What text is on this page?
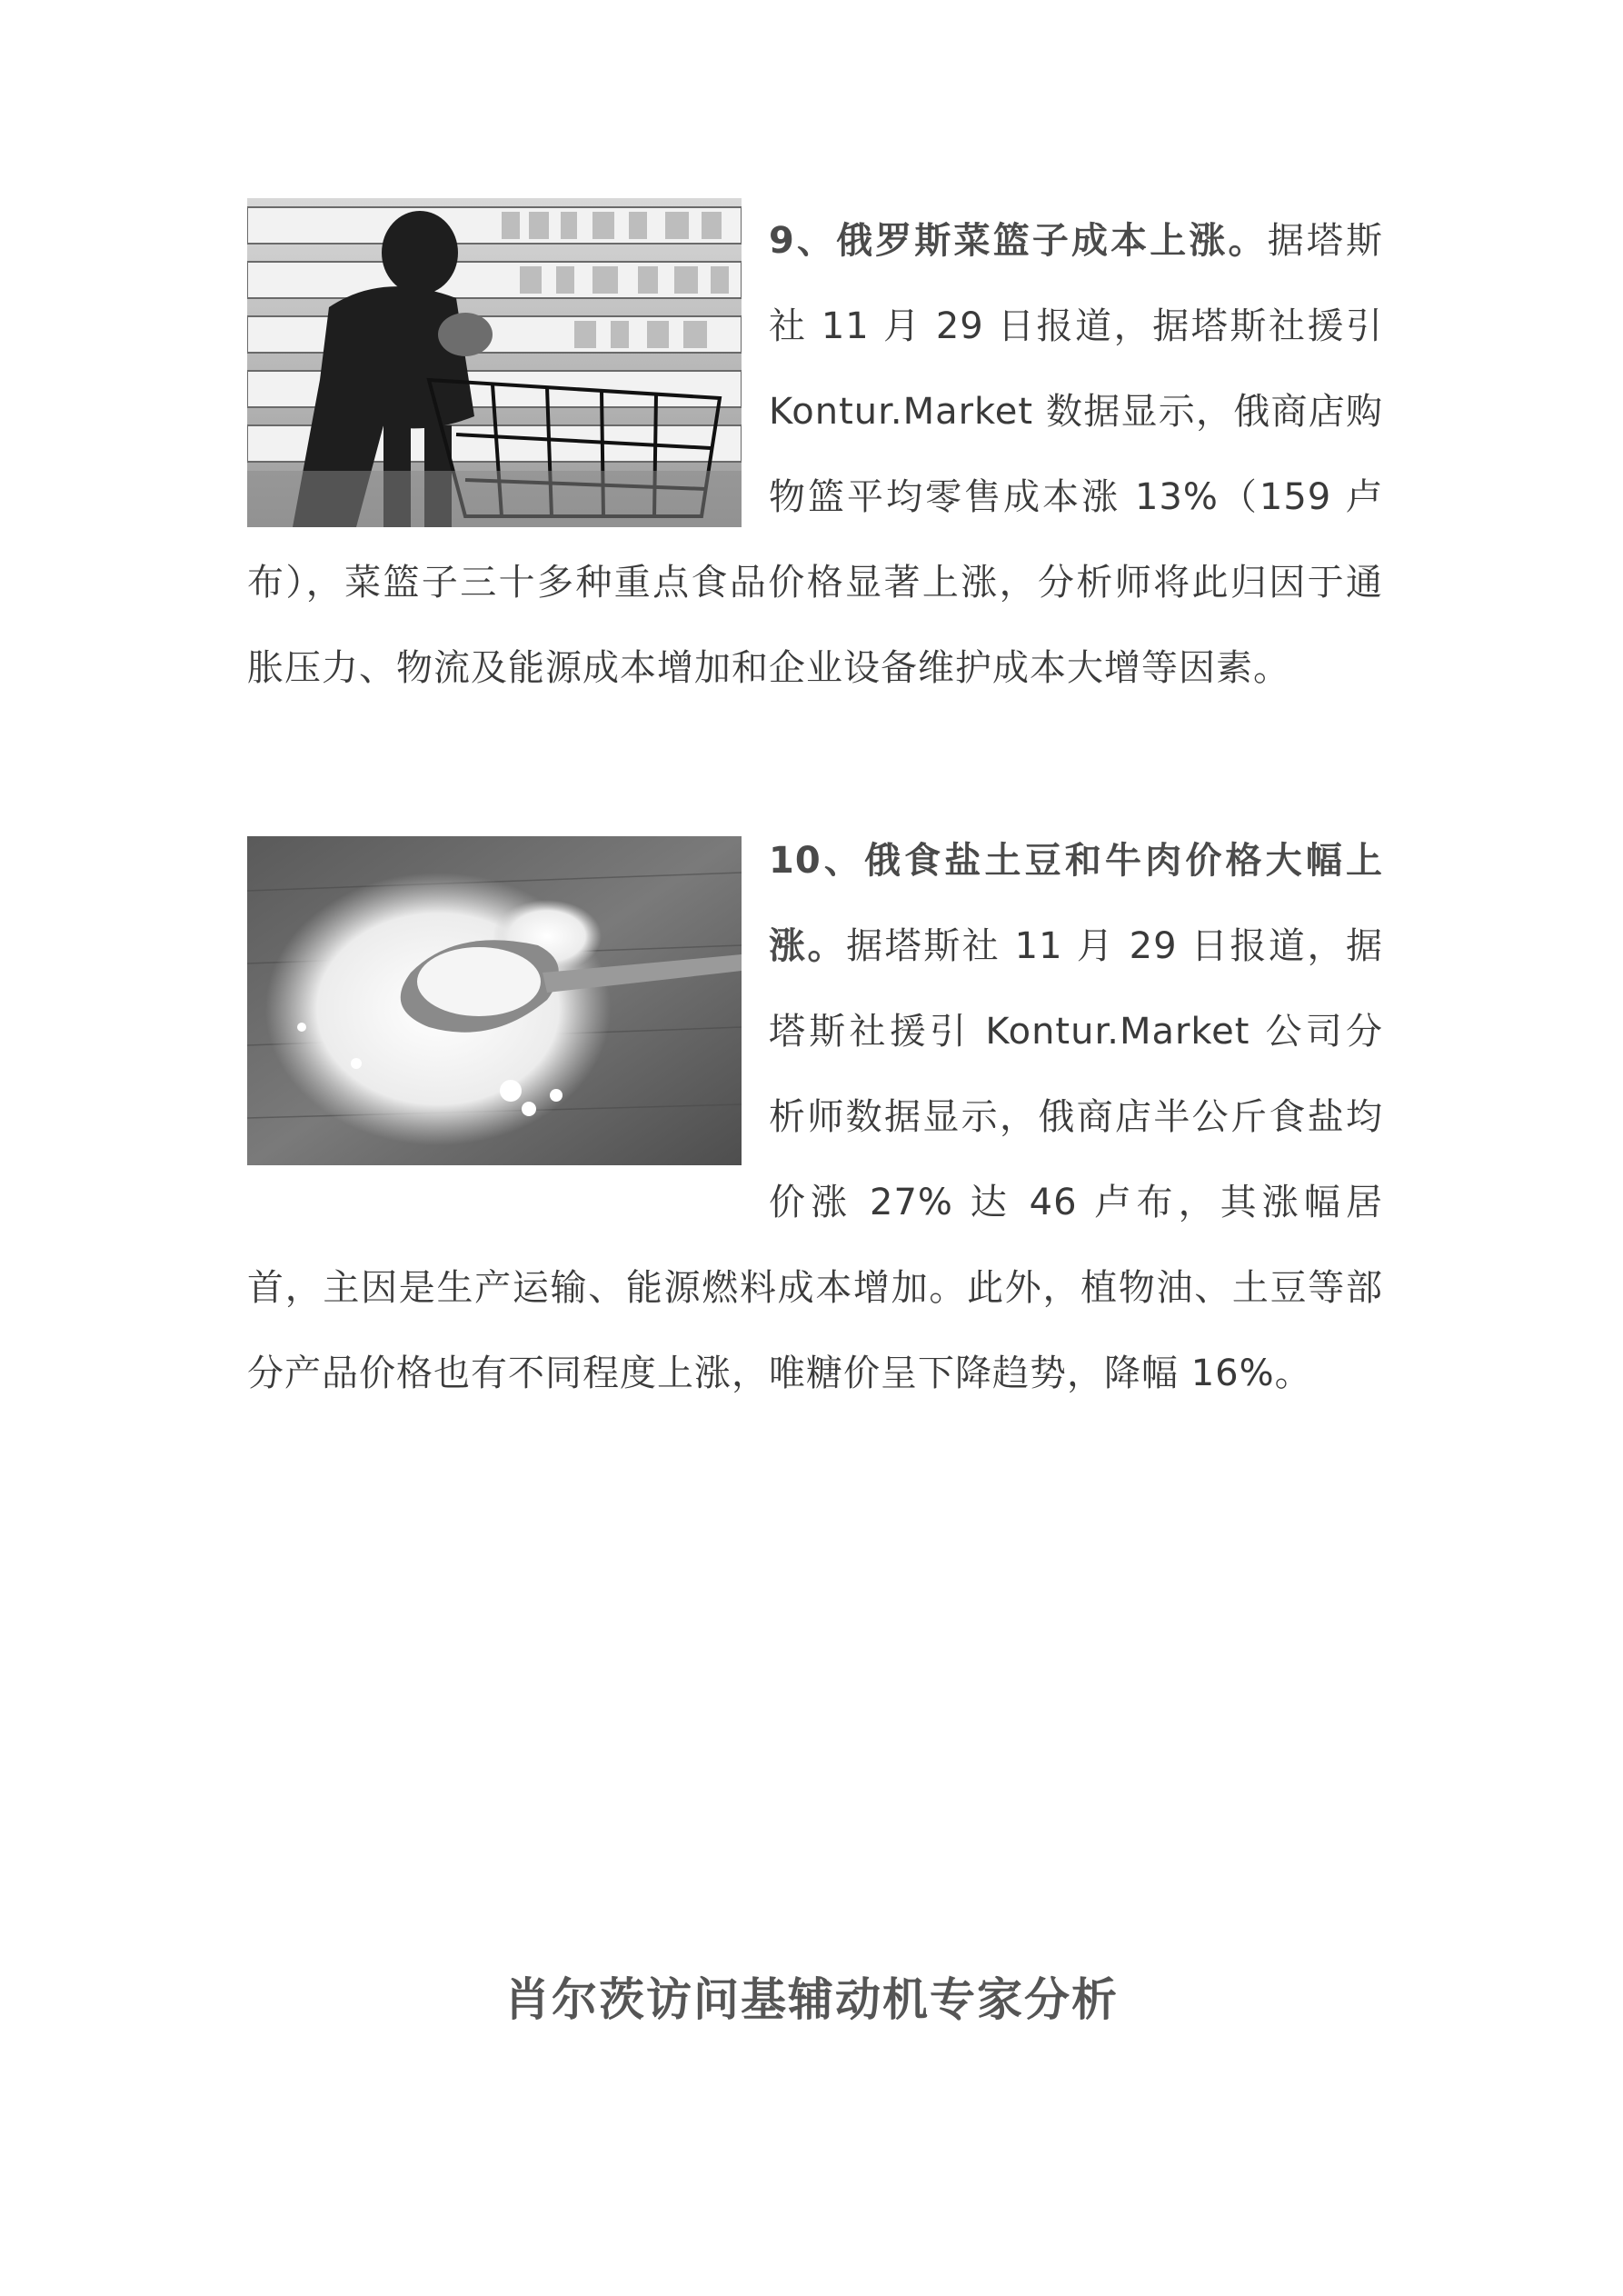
9、俄罗斯菜篮子成本上涨。据塔斯社 11 月 29 日报道，据塔斯社援引 Kontur.Market 数据显示，俄商店购物篮平均零售成本涨 13%（159 卢布），菜篮子三十多种重点食品价格显著上涨，分析师将此归因于通胀压力、物流及能源成本增加和企业设备维护成本大增等因素。

10、俄食盐土豆和牛肉价格大幅上涨。据塔斯社 11 月 29 日报道，据塔斯社援引 Kontur.Market 公司分析师数据显示，俄商店半公斤食盐均价涨 27% 达 46 卢布，其涨幅居首，主因是生产运输、能源燃料成本增加。此外，植物油、土豆等部分产品价格也有不同程度上涨，唯糖价呈下降趋势，降幅 16%。

肖尔茨访问基辅动机专家分析
